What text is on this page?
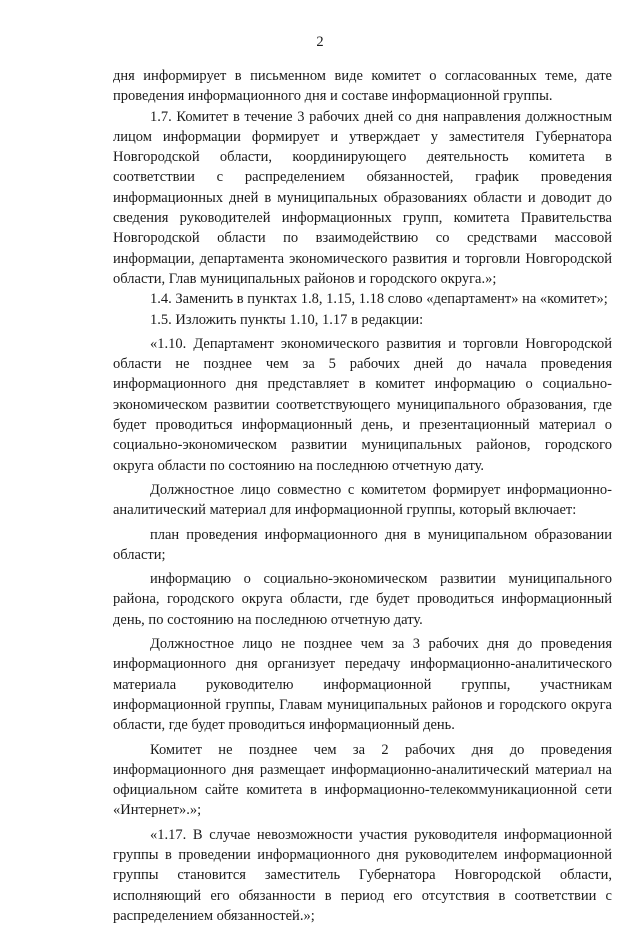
2

дня информирует в письменном виде комитет о согласованных теме, дате проведения информационного дня и составе информационной группы.

1.7. Комитет в течение 3 рабочих дней со дня направления должностным лицом информации формирует и утверждает у заместителя Губернатора Новгородской области, координирующего деятельность комитета в соответствии с распределением обязанностей, график проведения информационных дней в муниципальных образованиях области и доводит до сведения руководителей информационных групп, комитета Правительства Новгородской области по взаимодействию со средствами массовой информации, департамента экономического развития и торговли Новгородской области, Глав муниципальных районов и городского округа.»;

1.4. Заменить в пунктах 1.8, 1.15, 1.18 слово «департамент» на «комитет»;

1.5. Изложить пункты 1.10, 1.17 в редакции:

«1.10. Департамент экономического развития и торговли Новгородской области не позднее чем за 5 рабочих дней до начала проведения информационного дня представляет в комитет информацию о социально-экономическом развитии соответствующего муниципального образования, где будет проводиться информационный день, и презентационный материал о социально-экономическом развитии муниципальных районов, городского округа области по состоянию на последнюю отчетную дату.

Должностное лицо совместно с комитетом формирует информационно-аналитический материал для информационной группы, который включает:

план проведения информационного дня в муниципальном образовании области;

информацию о социально-экономическом развитии муниципального района, городского округа области, где будет проводиться информационный день, по состоянию на последнюю отчетную дату.

Должностное лицо не позднее чем за 3 рабочих дня до проведения информационного дня организует передачу информационно-аналитического материала руководителю информационной группы, участникам информационной группы, Главам муниципальных районов и городского округа области, где будет проводиться информационный день.

Комитет не позднее чем за 2 рабочих дня до проведения информационного дня размещает информационно-аналитический материал на официальном сайте комитета в информационно-телекоммуникационной сети «Интернет».»;

«1.17. В случае невозможности участия руководителя информационной группы в проведении информационного дня руководителем информационной группы становится заместитель Губернатора Новгородской области, исполняющий его обязанности в период его отсутствия в соответствии с распределением обязанностей.»;
